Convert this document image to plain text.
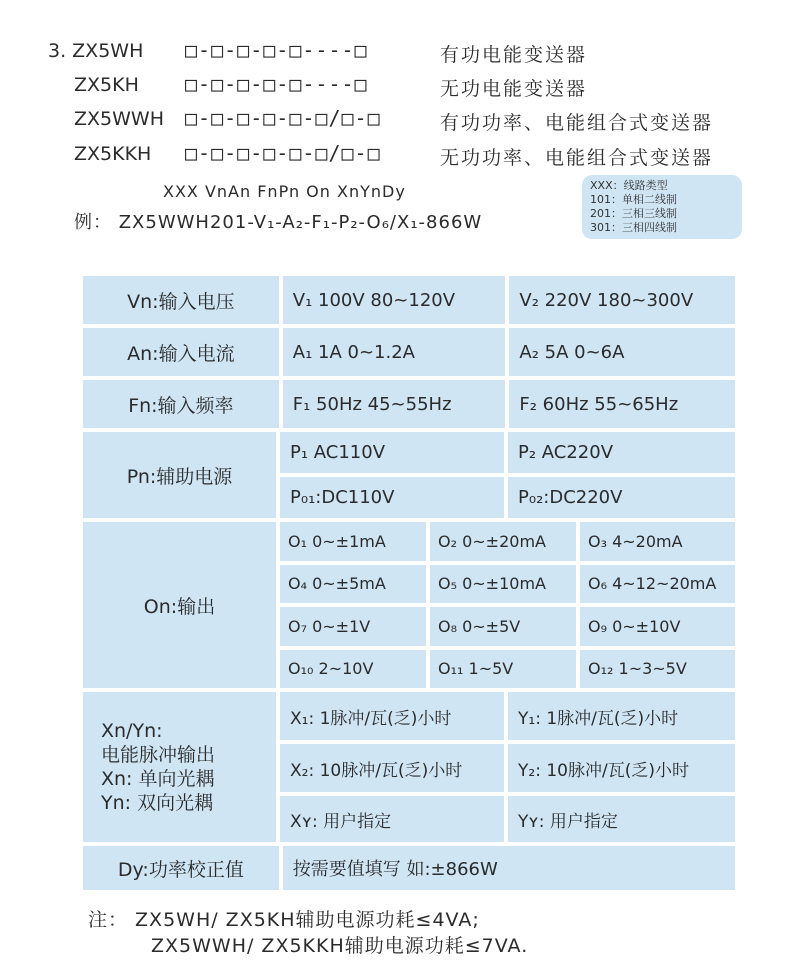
3. ZX5WH □-□-□-□-□----□	有功电能变送器
ZX5KH □-□-□-□-□----□	无功电能变送器
ZX5WWH □-□-□-□-□-□/□-□	有功功率、电能组合式变送器
ZX5KKH □-□-□-□-□-□/□-□	无功功率、电能组合式变送器
XXX VnAn FnPn On XnYnDy
例： ZX5WWH201-V₁-A₂-F₁-P₂-O₆/X₁-866W
XXX：线路类型
101：单相二线制
201：三相三线制
301：三相四线制
Vn:输入电压	V₁ 100V 80~120V	V₂ 220V 180~300V
An:输入电流	A₁ 1A 0~1.2A	A₂ 5A 0~6A
Fn:输入频率	F₁ 50Hz 45~55Hz	F₂ 60Hz 55~65Hz
Pn:辅助电源
P₁ AC110V	P₂ AC220V
P₀₁:DC110V	P₀₂:DC220V
On:输出
O₁ 0~±1mA	O₂ 0~±20mA	O₃ 4~20mA
O₄ 0~±5mA	O₅ 0~±10mA	O₆ 4~12~20mA
O₇ 0~±1V	O₈ 0~±5V	O₉ 0~±10V
O₁₀ 2~10V	O₁₁ 1~5V	O₁₂ 1~3~5V
Xn/Yn:
电能脉冲输出
Xn: 单向光耦
Yn: 双向光耦
X₁: 1脉冲/瓦(乏)小时	Y₁: 1脉冲/瓦(乏)小时
X₂: 10脉冲/瓦(乏)小时	Y₂: 10脉冲/瓦(乏)小时
Xʏ: 用户指定	Yʏ: 用户指定
Dy:功率校正值	按需要值填写 如:±866W
注： ZX5WH/ ZX5KH辅助电源功耗≤4VA;
ZX5WWH/ ZX5KKH辅助电源功耗≤7VA.
